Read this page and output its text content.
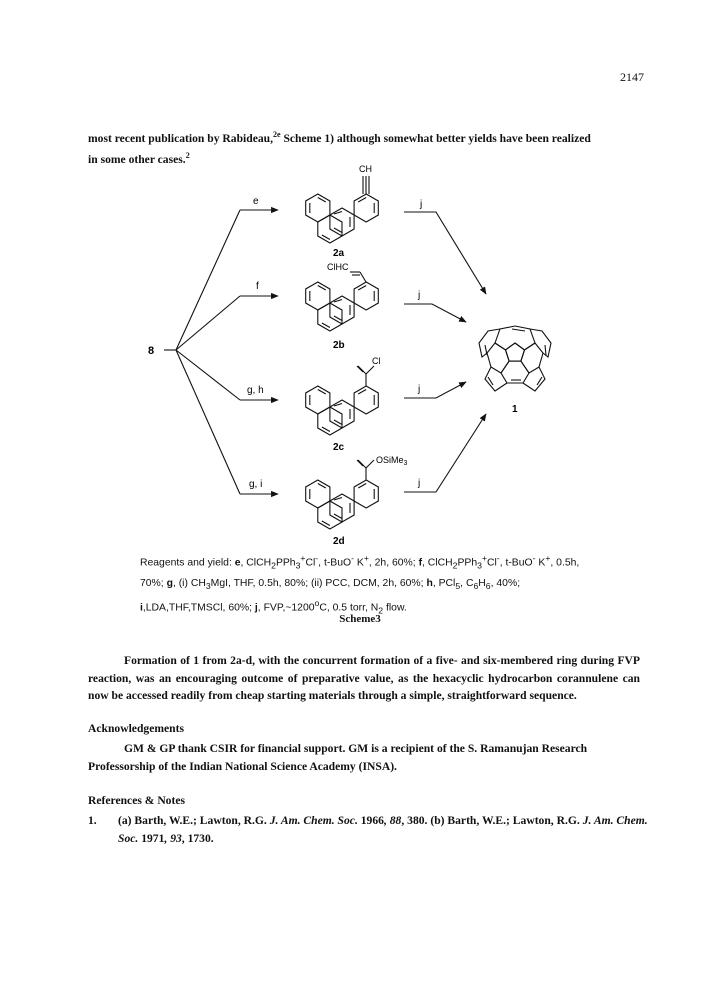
2147
most recent publication by Rabideau,$^{2e}$ Scheme 1) although somewhat better yields have been realized
in some other cases.$^2$
8
e
CH
2a
j
f
ClHC
2b
j
g, h
Cl
2c
j
g, i
OSiMe$_3$
2d
j
1
Reagents and yield: e, ClCH$_2$PPh$_3$+Cl-, t-BuO- K+, 2h, 60%; f, ClCH$_2$PPh$_3$+Cl-, t-BuO- K+, 0.5h, 70%; g, (i) $CH_3MgI$, THF, 0.5h, 80%; (ii) PCC, DCM, 2h, 60%; h, PCl$_5$, $C_6H_6$, 40%; i,LDA,THF,TMSCl, 60%; j, FVP,~1200$^o$C, 0.5 torr, $N_2$ flow.
Scheme3
Formation of 1 from 2a-d, with the concurrent formation of a five- and six-membered ring during FVP reaction, was an encouraging outcome of preparative value, as the hexacyclic hydrocarbon corannulene can now be accessed readily from cheap starting materials through a simple, straightforward sequence.
Acknowledgements
GM & GP thank CSIR for financial support. GM is a recipient of the S. Ramanujan Research Professorship of the Indian National Science Academy (INSA).
References & Notes
1. (a) Barth, W.E.; Lawton, R.G. J. Am. Chem. Soc. 1966, 88, 380. (b) Barth, W.E.; Lawton, R.G. J. Am. Chem. Soc. 1971, 93, 1730.
